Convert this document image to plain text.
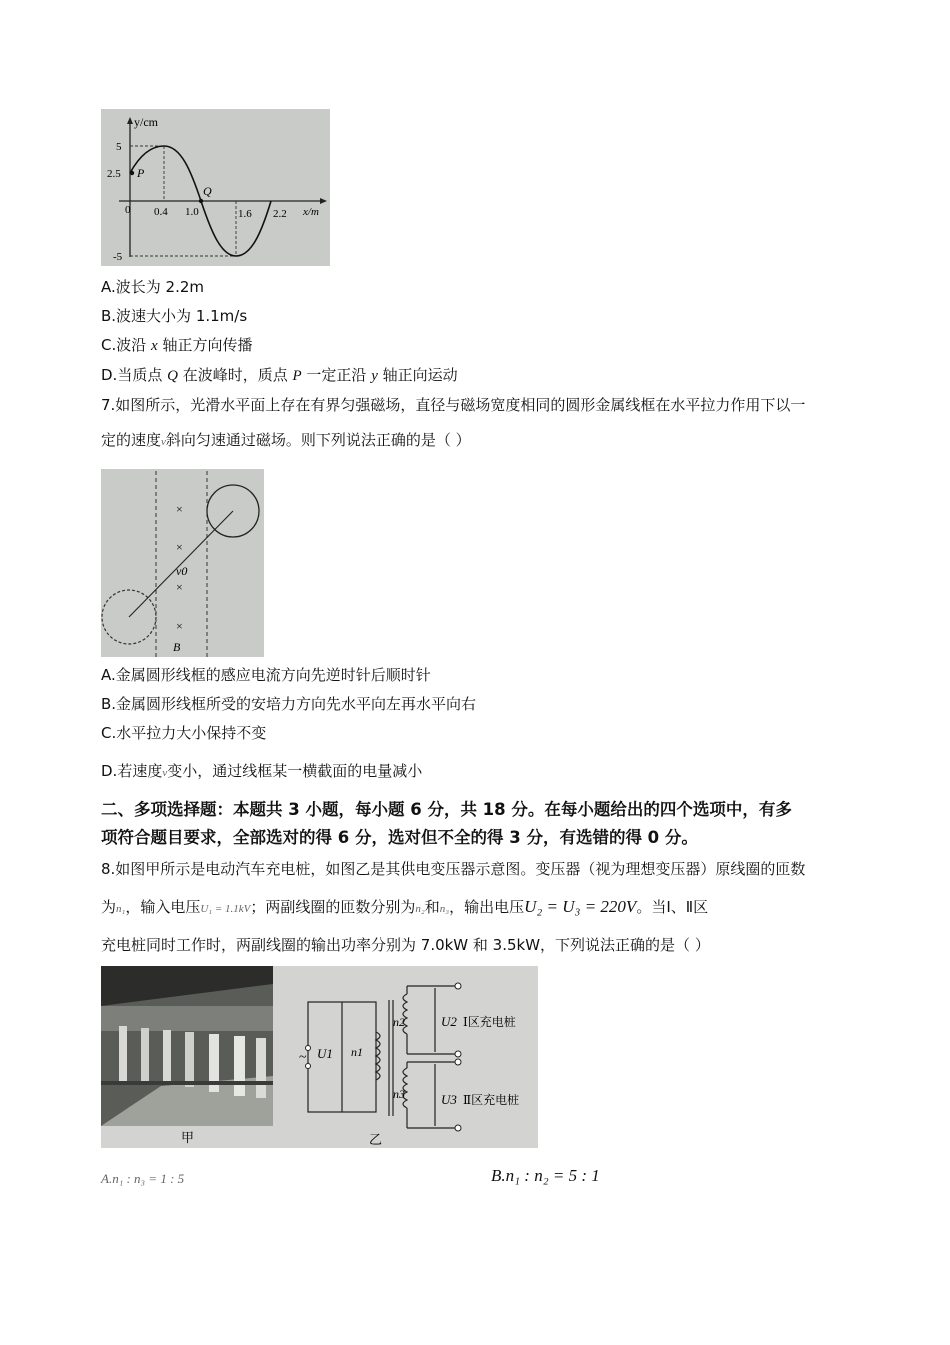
y/cm
x/m
P
Q
5
2.5
0
-5
0.4 1.0	1.6 2.2
A.波长为 2.2m
B.波速大小为 1.1m/s
C.波沿 x 轴正方向传播
D.当质点 Q 在波峰时，质点 P 一定正沿 y 轴正向运动
7.如图所示，光滑水平面上存在有界匀强磁场，直径与磁场宽度相同的圆形金属线框在水平拉力作用下以一
定的速度v斜向匀速通过磁场。则下列说法正确的是（ ）
×
×
×
×
v0
B
A.金属圆形线框的感应电流方向先逆时针后顺时针
B.金属圆形线框所受的安培力方向先水平向左再水平向右
C.水平拉力大小保持不变
D.若速度v变小，通过线框某一横截面的电量减小
二、多项选择题：本题共 3 小题，每小题 6 分，共 18 分。在每小题给出的四个选项中，有多
项符合题目要求，全部选对的得 6 分，选对但不全的得 3 分，有选错的得 0 分。
8.如图甲所示是电动汽车充电桩，如图乙是其供电变压器示意图。变压器（视为理想变压器）原线圈的匝数
为n₁，输入电压U₁ = 1.1kV；两副线圈的匝数分别为n₂和n₃，输出电压U₂ = U₃ = 220V。当Ⅰ、Ⅱ区
充电桩同时工作时，两副线圈的输出功率分别为 7.0kW 和 3.5kW，下列说法正确的是（ ）
甲
~ U1 n1
n2
n3
U2
U3
Ⅰ区充电桩
Ⅱ区充电桩
乙
A.n₁ : n₃ = 1 : 5	B.n₁ : n₂ = 5 : 1
